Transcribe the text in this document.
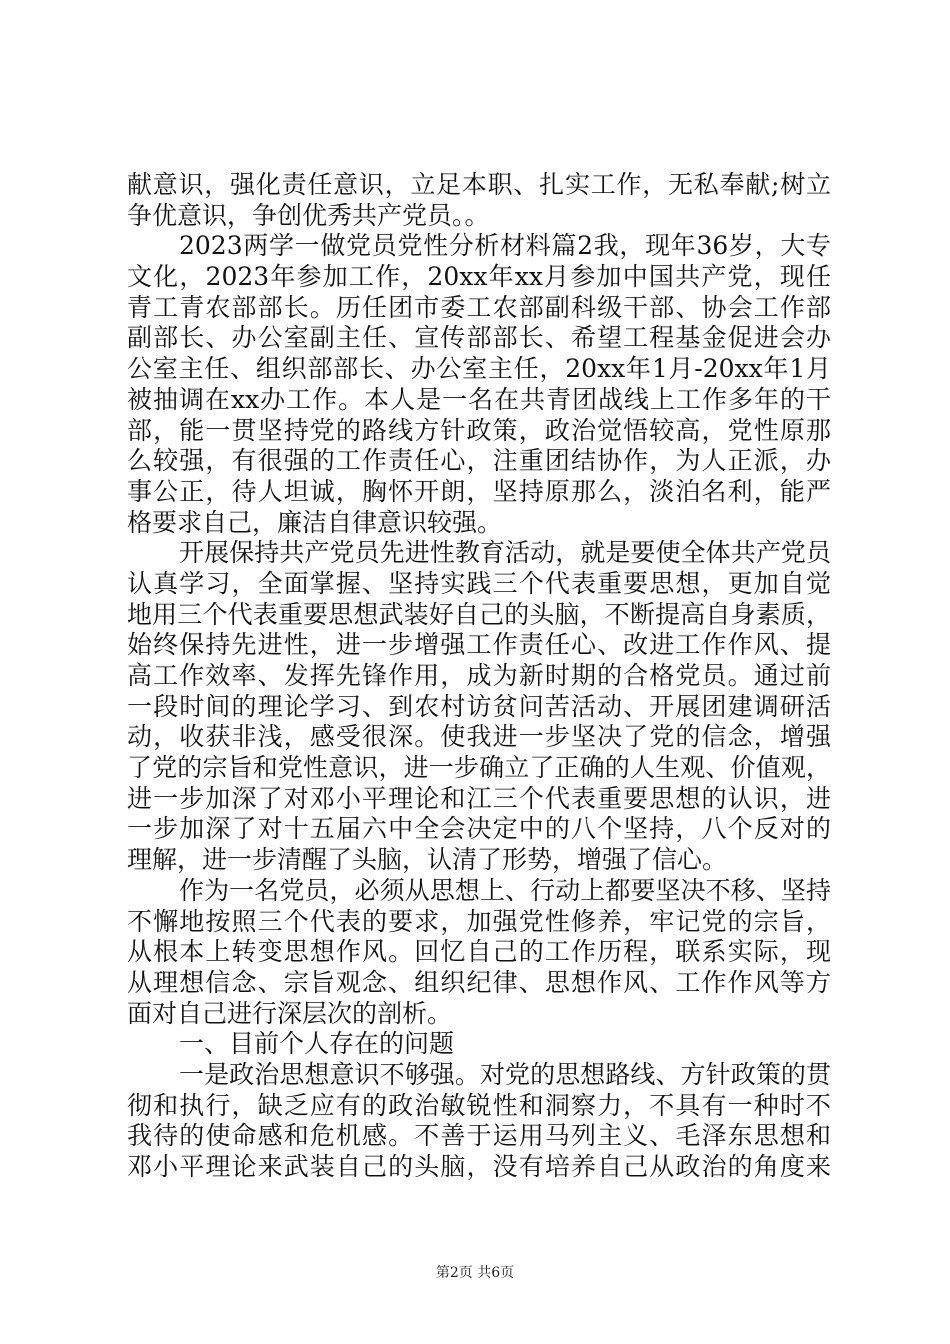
献意识，强化责任意识，立足本职、扎实工作，无私奉献;树立
争优意识，争创优秀共产党员。。
2023两学一做党员党性分析材料篇2我，现年36岁，大专
文化，2023年参加工作，20xx年xx月参加中国共产党，现任
青工青农部部长。历任团市委工农部副科级干部、协会工作部
副部长、办公室副主任、宣传部部长、希望工程基金促进会办
公室主任、组织部部长、办公室主任，20xx年1月-20xx年1月
被抽调在xx办工作。本人是一名在共青团战线上工作多年的干
部，能一贯坚持党的路线方针政策，政治觉悟较高，党性原那
么较强，有很强的工作责任心，注重团结协作，为人正派，办
事公正，待人坦诚，胸怀开朗，坚持原那么，淡泊名利，能严
格要求自己，廉洁自律意识较强。
开展保持共产党员先进性教育活动，就是要使全体共产党员
认真学习，全面掌握、坚持实践三个代表重要思想，更加自觉
地用三个代表重要思想武装好自己的头脑，不断提高自身素质，
始终保持先进性，进一步增强工作责任心、改进工作作风、提
高工作效率、发挥先锋作用，成为新时期的合格党员。通过前
一段时间的理论学习、到农村访贫问苦活动、开展团建调研活
动，收获非浅，感受很深。使我进一步坚决了党的信念，增强
了党的宗旨和党性意识，进一步确立了正确的人生观、价值观，
进一步加深了对邓小平理论和江三个代表重要思想的认识，进
一步加深了对十五届六中全会决定中的八个坚持，八个反对的
理解，进一步清醒了头脑，认清了形势，增强了信心。
作为一名党员，必须从思想上、行动上都要坚决不移、坚持
不懈地按照三个代表的要求，加强党性修养，牢记党的宗旨，
从根本上转变思想作风。回忆自己的工作历程，联系实际，现
从理想信念、宗旨观念、组织纪律、思想作风、工作作风等方
面对自己进行深层次的剖析。
一、目前个人存在的问题
一是政治思想意识不够强。对党的思想路线、方针政策的贯
彻和执行，缺乏应有的政治敏锐性和洞察力，不具有一种时不
我待的使命感和危机感。不善于运用马列主义、毛泽东思想和
邓小平理论来武装自己的头脑，没有培养自己从政治的角度来
第2页 共6页
